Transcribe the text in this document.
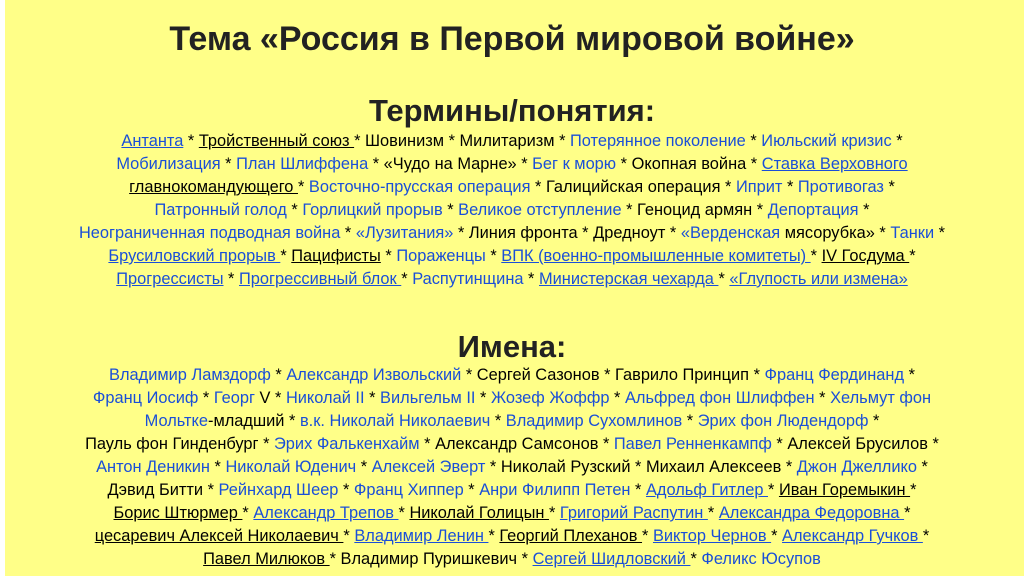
Тема «Россия в Первой мировой войне»
Термины/понятия:
Антанта * Тройственный союз * Шовинизм * Милитаризм * Потерянное поколение * Июльский кризис *
Мобилизация * План Шлиффена * «Чудо на Марне» * Бег к морю * Окопная война * Ставка Верховного
главнокомандующего * Восточно-прусская операция * Галицийская операция * Иприт * Противогаз *
Патронный голод * Горлицкий прорыв * Великое отступление * Геноцид армян * Депортация *
Неограниченная подводная война * «Лузитания» * Линия фронта * Дредноут * «Верденская мясорубка» * Танки *
Брусиловский прорыв * Пацифисты * Пораженцы * ВПК (военно-промышленные комитеты) * IV Госдума *
Прогрессисты * Прогрессивный блок * Распутинщина * Министерская чехарда * «Глупость или измена»
Имена:
Владимир Ламздорф * Александр Извольский * Сергей Сазонов * Гаврило Принцип * Франц Фердинанд *
Франц Иосиф * Георг V * Николай II * Вильгельм II * Жозеф Жоффр * Альфред фон Шлиффен * Хельмут фон
Мольтке-младший * в.к. Николай Николаевич * Владимир Сухомлинов * Эрих фон Людендорф *
Пауль фон Гинденбург * Эрих Фалькенхайм * Александр Самсонов * Павел Ренненкампф * Алексей Брусилов *
Антон Деникин * Николай Юденич * Алексей Эверт * Николай Рузский * Михаил Алексеев * Джон Джеллико *
Дэвид Битти * Рейнхард Шеер * Франц Хиппер * Анри Филипп Петен * Адольф Гитлер * Иван Горемыкин *
Борис Штюрмер * Александр Трепов * Николай Голицын * Григорий Распутин * Александра Федоровна *
цесаревич Алексей Николаевич * Владимир Ленин * Георгий Плеханов * Виктор Чернов * Александр Гучков *
Павел Милюков * Владимир Пуришкевич * Сергей Шидловский * Феликс Юсупов
